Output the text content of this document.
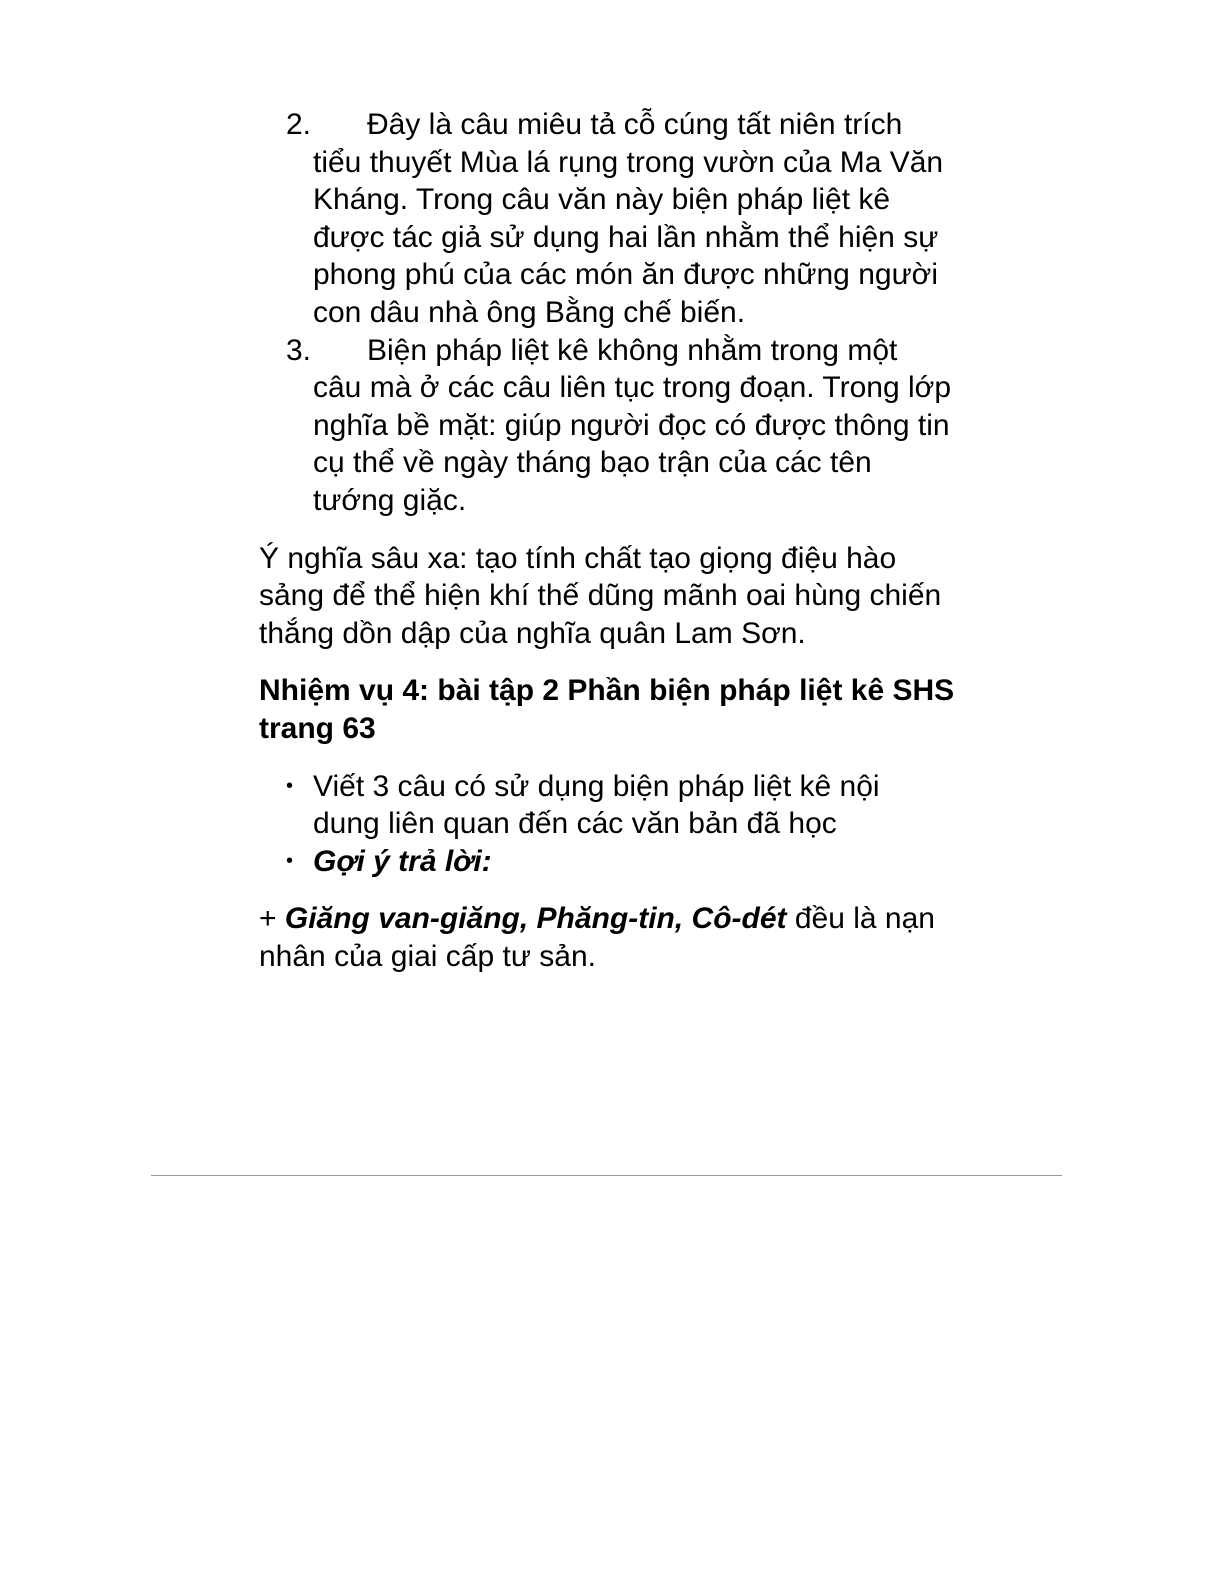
2. Đây là câu miêu tả cỗ cúng tất niên trích tiểu thuyết Mùa lá rụng trong vườn của Ma Văn Kháng. Trong câu văn này biện pháp liệt kê được tác giả sử dụng hai lần nhằm thể hiện sự phong phú của các món ăn được những người con dâu nhà ông Bằng chế biến.
3. Biện pháp liệt kê không nhằm trong một câu mà ở các câu liên tục trong đoạn. Trong lớp nghĩa bề mặt: giúp người đọc có được thông tin cụ thể về ngày tháng bạo trận của các tên tướng giặc.

Ý nghĩa sâu xa: tạo tính chất tạo giọng điệu hào sảng để thể hiện khí thế dũng mãnh oai hùng chiến thắng dồn dập của nghĩa quân Lam Sơn.

Nhiệm vụ 4: bài tập 2 Phần biện pháp liệt kê SHS trang 63

• Viết 3 câu có sử dụng biện pháp liệt kê nội dung liên quan đến các văn bản đã học
• Gợi ý trả lời:

+ Giăng van-giăng, Phăng-tin, Cô-dét đều là nạn nhân của giai cấp tư sản.
